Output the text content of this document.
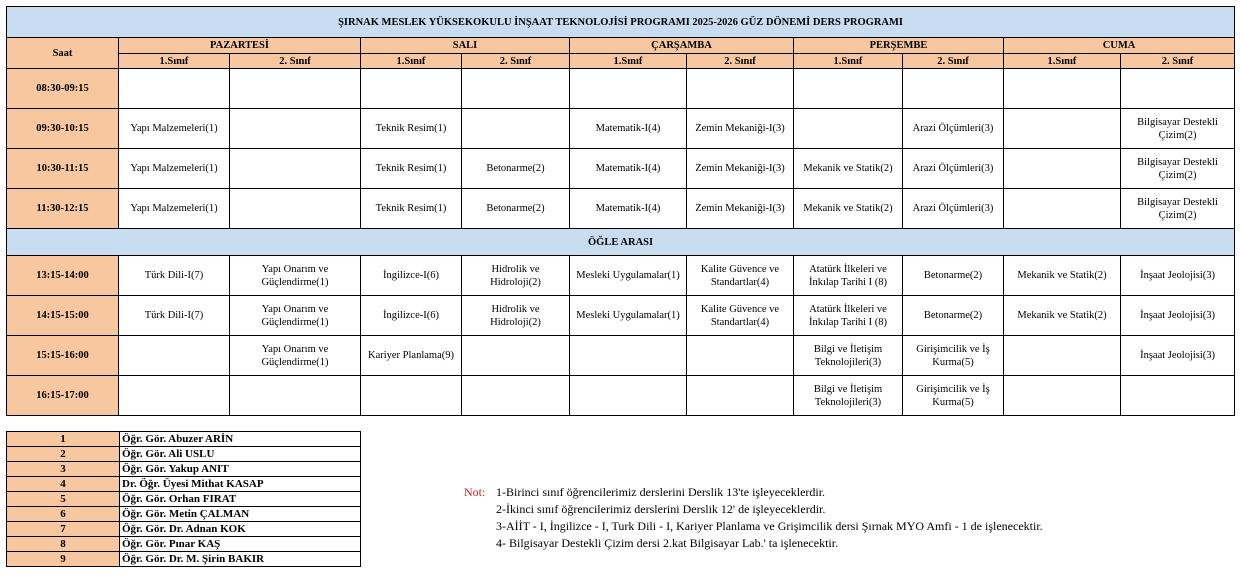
ŞIRNAK MESLEK YÜKSEKOKULU İNŞAAT TEKNOLOJİSİ PROGRAMI 2025-2026 GÜZ DÖNEMİ DERS PROGRAMI										
Saat	PAZARTESİ		SALI		ÇARŞAMBA		PERŞEMBE		CUMA	
	1.Sınıf	2. Sınıf	1.Sınıf	2. Sınıf	1.Sınıf	2. Sınıf	1.Sınıf	2. Sınıf	1.Sınıf	2. Sınıf
08:30-09:15										
09:30-10:15	Yapı Malzemeleri(1)		Teknik Resim(1)		Matematik-I(4)	Zemin Mekaniği-I(3)		Arazi Ölçümleri(3)		Bilgisayar Destekli Çizim(2)
10:30-11:15	Yapı Malzemeleri(1)		Teknik Resim(1)	Betonarme(2)	Matematik-I(4)	Zemin Mekaniği-I(3)	Mekanik ve Statik(2)	Arazi Ölçümleri(3)		Bilgisayar Destekli Çizim(2)
11:30-12:15	Yapı Malzemeleri(1)		Teknik Resim(1)	Betonarme(2)	Matematik-I(4)	Zemin Mekaniği-I(3)	Mekanik ve Statik(2)	Arazi Ölçümleri(3)		Bilgisayar Destekli Çizim(2)
ÖĞLE ARASI										
13:15-14:00	Türk Dili-I(7)	Yapı Onarım ve Güçlendirme(1)	İngilizce-I(6)	Hidrolik ve Hidroloji(2)	Mesleki Uygulamalar(1)	Kalite Güvence ve Standartlar(4)	Atatürk İlkeleri ve İnkılap Tarihi I (8)	Betonarme(2)	Mekanik ve Statik(2)	İnşaat Jeolojisi(3)
14:15-15:00	Türk Dili-I(7)	Yapı Onarım ve Güçlendirme(1)	İngilizce-I(6)	Hidrolik ve Hidroloji(2)	Mesleki Uygulamalar(1)	Kalite Güvence ve Standartlar(4)	Atatürk İlkeleri ve İnkılap Tarihi I (8)	Betonarme(2)	Mekanik ve Statik(2)	İnşaat Jeolojisi(3)
15:15-16:00		Yapı Onarım ve Güçlendirme(1)	Kariyer Planlama(9)				Bilgi ve İletişim Teknolojileri(3)	Girişimcilik ve İş Kurma(5)		İnşaat Jeolojisi(3)
16:15-17:00							Bilgi ve İletişim Teknolojileri(3)	Girişimcilik ve İş Kurma(5)		
1	Öğr. Gör. Abuzer ARİN
2	Öğr. Gör. Ali USLU
3	Öğr. Gör. Yakup ANIT
4	Dr. Öğr. Üyesi Mithat KASAP
5	Öğr. Gör. Orhan FIRAT
6	Öğr. Gör. Metin ÇALMAN
7	Öğr. Gör. Dr. Adnan KOK
8	Öğr. Gör. Pınar KAŞ
9	Öğr. Gör. Dr. M. Şirin BAKIR
Not: 1-Birinci sınıf öğrencilerimiz derslerini Derslik 13'te işleyeceklerdir.
2-İkinci sınıf öğrencilerimiz derslerini Derslik 12' de işleyeceklerdir.
3-AİİT - I, İngilizce - I, Turk Dili - I, Kariyer Planlama ve Grişimcilik dersi Şırnak MYO Amfi - 1 de işlenecektir.
4- Bilgisayar Destekli Çizim dersi 2.kat Bilgisayar Lab.' ta işlenecektir.
